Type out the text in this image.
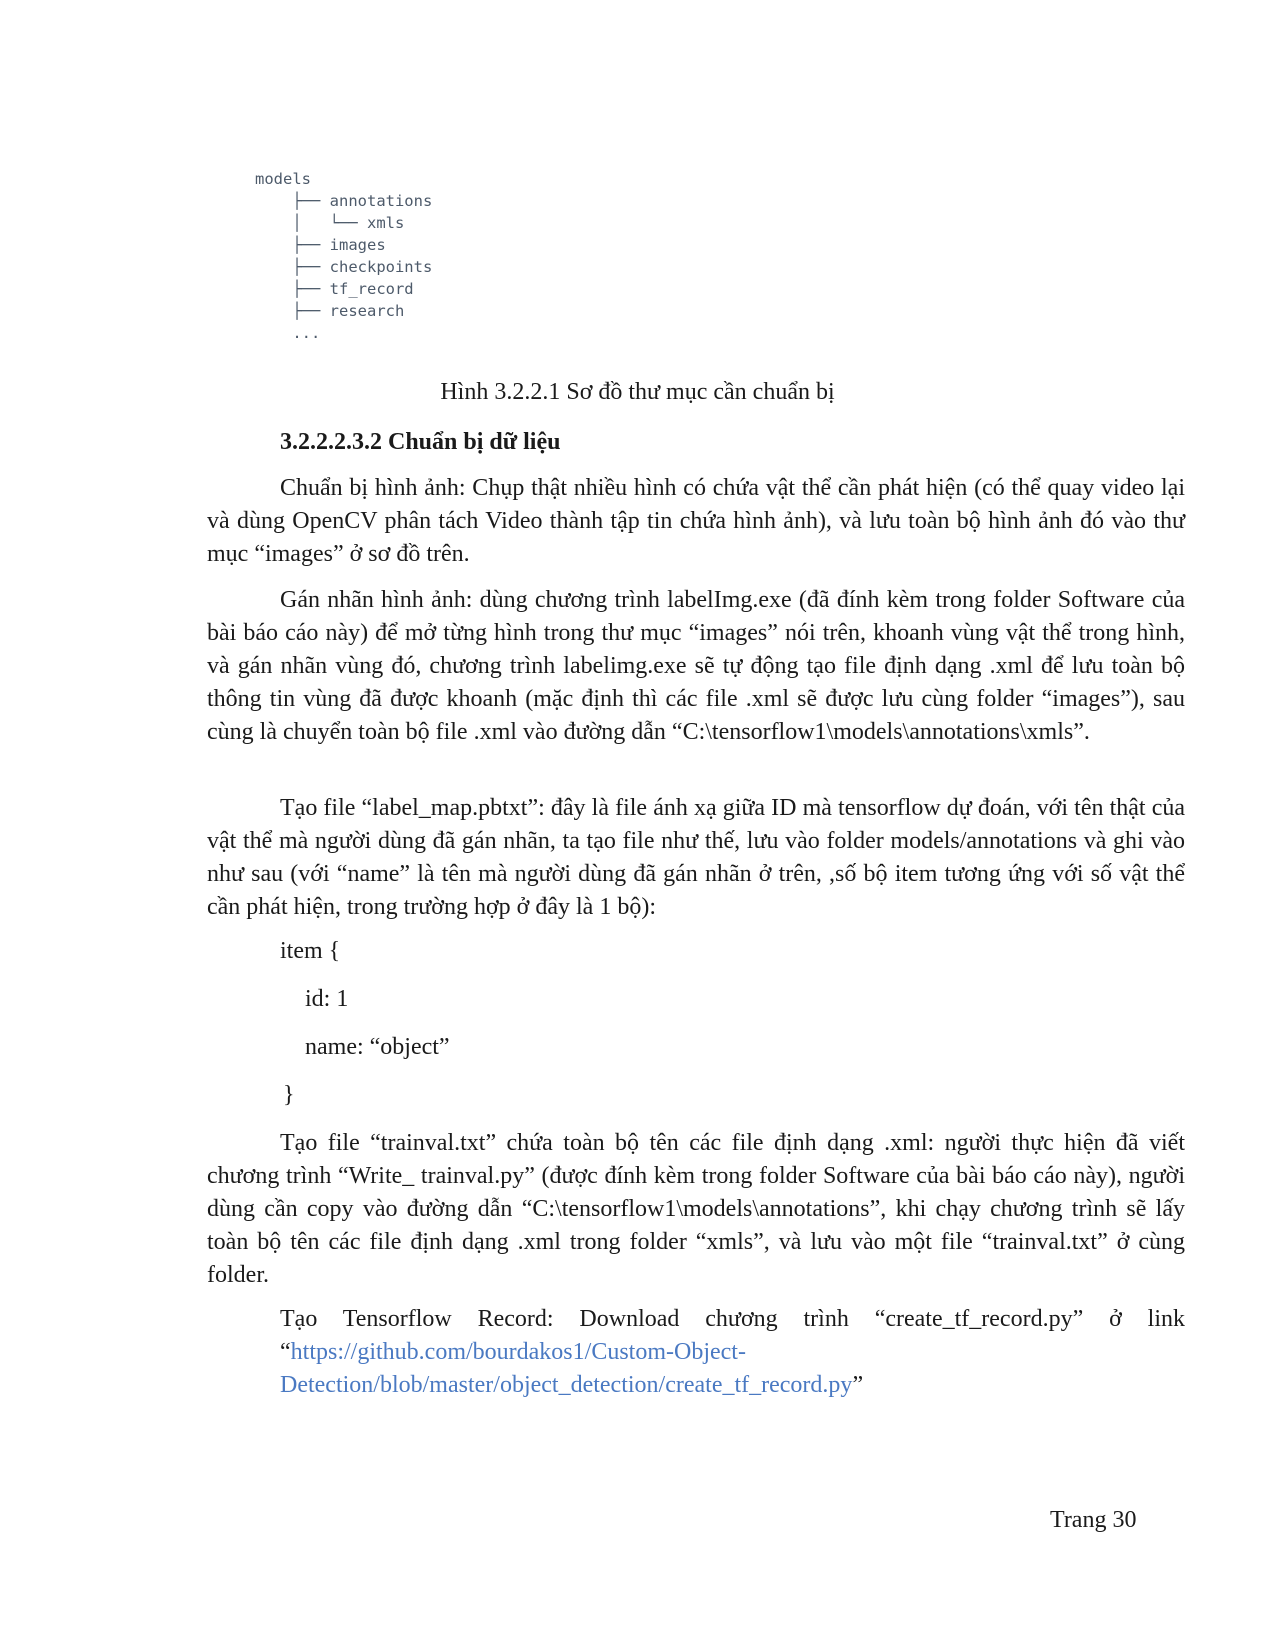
models
├── annotations
│   └── xmls
├── images
├── checkpoints
├── tf_record
├── research
...
Hình 3.2.2.1 Sơ đồ thư mục cần chuẩn bị
3.2.2.2.3.2 Chuẩn bị dữ liệu

Chuẩn bị hình ảnh: Chụp thật nhiều hình có chứa vật thể cần phát hiện (có thể quay video lại và dùng OpenCV phân tách Video thành tập tin chứa hình ảnh), và lưu toàn bộ hình ảnh đó vào thư mục “images” ở sơ đồ trên.

Gán nhãn hình ảnh: dùng chương trình labelImg.exe (đã đính kèm trong folder Software của bài báo cáo này) để mở từng hình trong thư mục “images” nói trên, khoanh vùng vật thể trong hình, và gán nhãn vùng đó, chương trình labelimg.exe sẽ tự động tạo file định dạng .xml để lưu toàn bộ thông tin vùng đã được khoanh (mặc định thì các file .xml sẽ được lưu cùng folder “images”), sau cùng là chuyển toàn bộ file .xml vào đường dẫn “C:\tensorflow1\models\annotations\xmls”.

Tạo file “label_map.pbtxt”: đây là file ánh xạ giữa ID mà tensorflow dự đoán, với tên thật của vật thể mà người dùng đã gán nhãn, ta tạo file như thế, lưu vào folder models/annotations và ghi vào như sau (với “name” là tên mà người dùng đã gán nhãn ở trên, ,số bộ item tương ứng với số vật thể cần phát hiện, trong trường hợp ở đây là 1 bộ):

item {
id: 1
name: “object”
}

Tạo file “trainval.txt” chứa toàn bộ tên các file định dạng .xml: người thực hiện đã viết chương trình “Write_ trainval.py” (được đính kèm trong folder Software của bài báo cáo này), người dùng cần copy vào đường dẫn “C:\tensorflow1\models\annotations”, khi chạy chương trình sẽ lấy toàn bộ tên các file định dạng .xml trong folder “xmls”, và lưu vào một file “trainval.txt” ở cùng folder.

Tạo Tensorflow Record: Download chương trình “create_tf_record.py” ở link “https://github.com/bourdakos1/Custom-Object-
Detection/blob/master/object_detection/create_tf_record.py”

Trang 30
